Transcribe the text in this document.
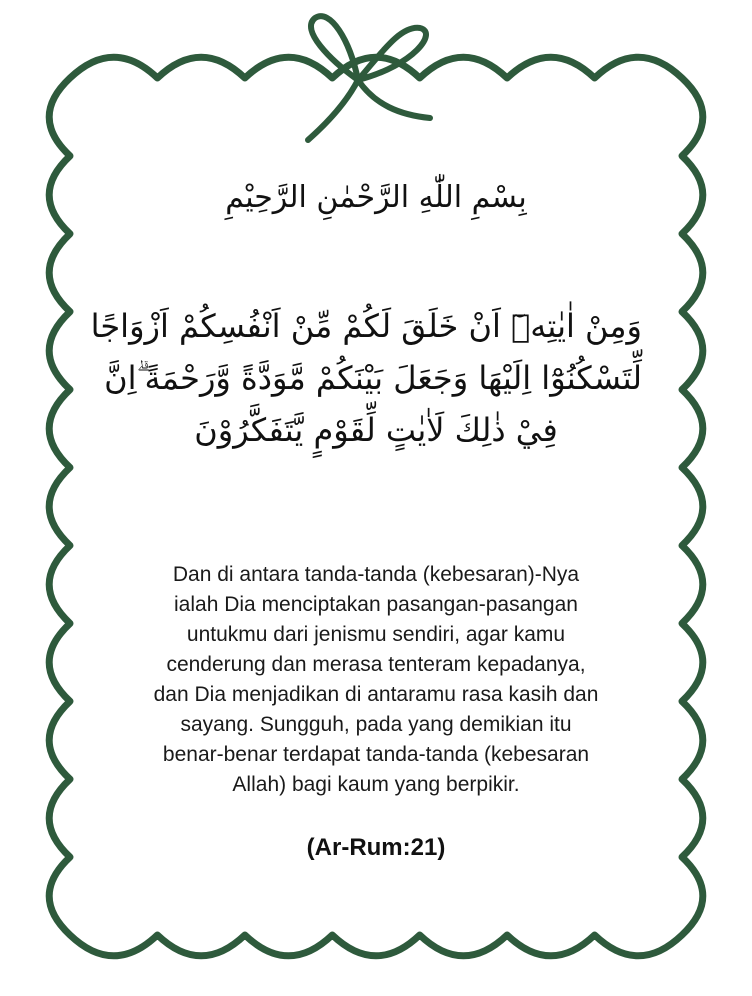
بِسْمِ اللّٰهِ الرَّحْمٰنِ الرَّحِيْمِ
وَمِنْ اٰيٰتِهٖٓ اَنْ خَلَقَ لَكُمْ مِّنْ اَنْفُسِكُمْ اَزْوَاجًا
لِّتَسْكُنُوْٓا اِلَيْهَا وَجَعَلَ بَيْنَكُمْ مَّوَدَّةً وَّرَحْمَةً ۗاِنَّ
فِيْ ذٰلِكَ لَاٰيٰتٍ لِّقَوْمٍ يَّتَفَكَّرُوْنَ
Dan di antara tanda-tanda (kebesaran)-Nya
ialah Dia menciptakan pasangan-pasangan
untukmu dari jenismu sendiri, agar kamu
cenderung dan merasa tenteram kepadanya,
dan Dia menjadikan di antaramu rasa kasih dan
sayang. Sungguh, pada yang demikian itu
benar-benar terdapat tanda-tanda (kebesaran
Allah) bagi kaum yang berpikir.
(Ar-Rum:21)
